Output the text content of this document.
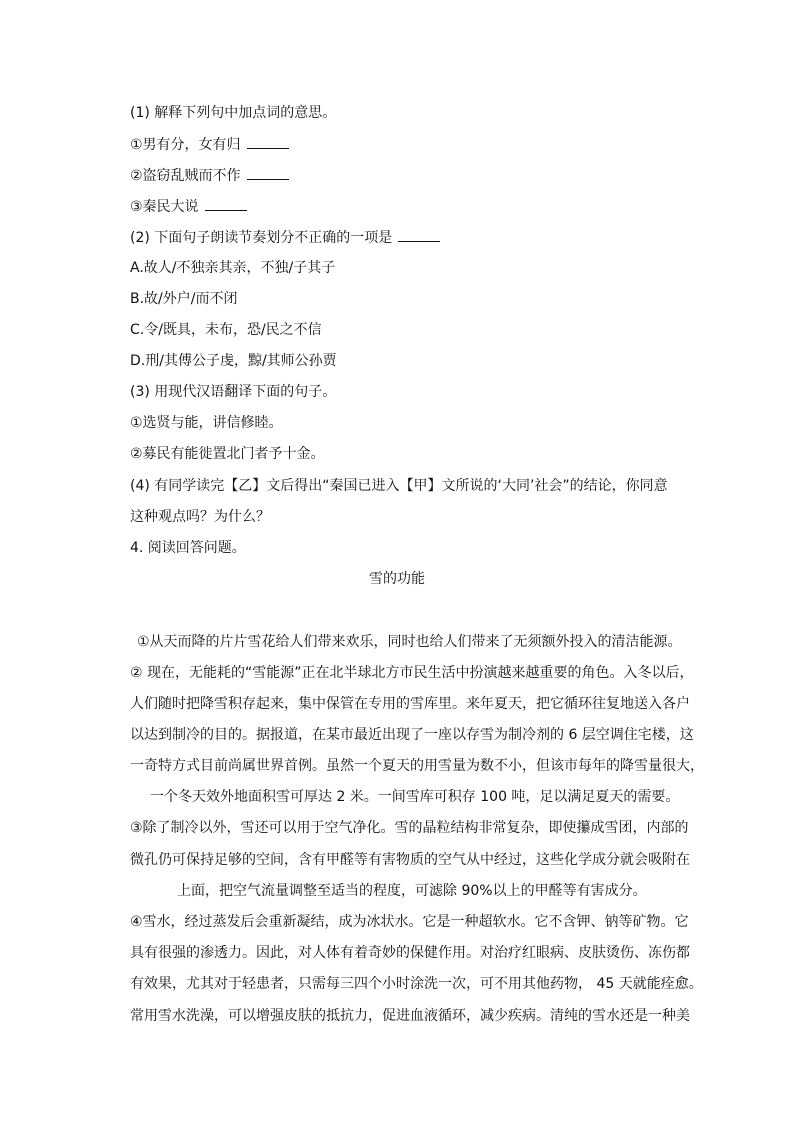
(1) 解释下列句中加点词的意思。
①男有分，女有归
②盗窃乱贼而不作
③秦民大说
(2) 下面句子朗读节奏划分不正确的一项是
A.故人/不独亲其亲，不独/子其子
B.故/外户/而不闭
C.令/既具，未布，恐/民之不信
D.刑/其傅公子虔，黥/其师公孙贾
(3) 用现代汉语翻译下面的句子。
①选贤与能，讲信修睦。
②募民有能徙置北门者予十金。
(4) 有同学读完【乙】文后得出“秦国已进入【甲】文所说的‘大同’社会”的结论，你同意
这种观点吗？为什么？
4. 阅读回答问题。
雪的功能
①从天而降的片片雪花给人们带来欢乐，同时也给人们带来了无须额外投入的清洁能源。
② 现在，无能耗的“雪能源”正在北半球北方市民生活中扮演越来越重要的角色。入冬以后，
人们随时把降雪积存起来，集中保管在专用的雪库里。来年夏天，把它循环往复地送入各户
以达到制冷的目的。据报道，在某市最近出现了一座以存雪为制冷剂的 6 层空调住宅楼，这
一奇特方式目前尚属世界首例。虽然一个夏天的用雪量为数不小，但该市每年的降雪量很大，
一个冬天效外地面积雪可厚达 2 米。一间雪库可积存 100 吨，足以满足夏天的需要。
③除了制冷以外，雪还可以用于空气净化。雪的晶粒结构非常复杂，即使攥成雪团，内部的
微孔仍可保持足够的空间，含有甲醛等有害物质的空气从中经过，这些化学成分就会吸附在
上面，把空气流量调整至适当的程度，可滤除 90%以上的甲醛等有害成分。
④雪水，经过蒸发后会重新凝结，成为冰状水。它是一种超软水。它不含钾、钠等矿物。它
具有很强的渗透力。因此，对人体有着奇妙的保健作用。对治疗红眼病、皮肤烫伤、冻伤都
有效果，尤其对于轻患者，只需每三四个小时涂洗一次，可不用其他药物， 45 天就能痊愈。
常用雪水洗澡，可以增强皮肤的抵抗力，促进血液循环，减少疾病。清纯的雪水还是一种美
